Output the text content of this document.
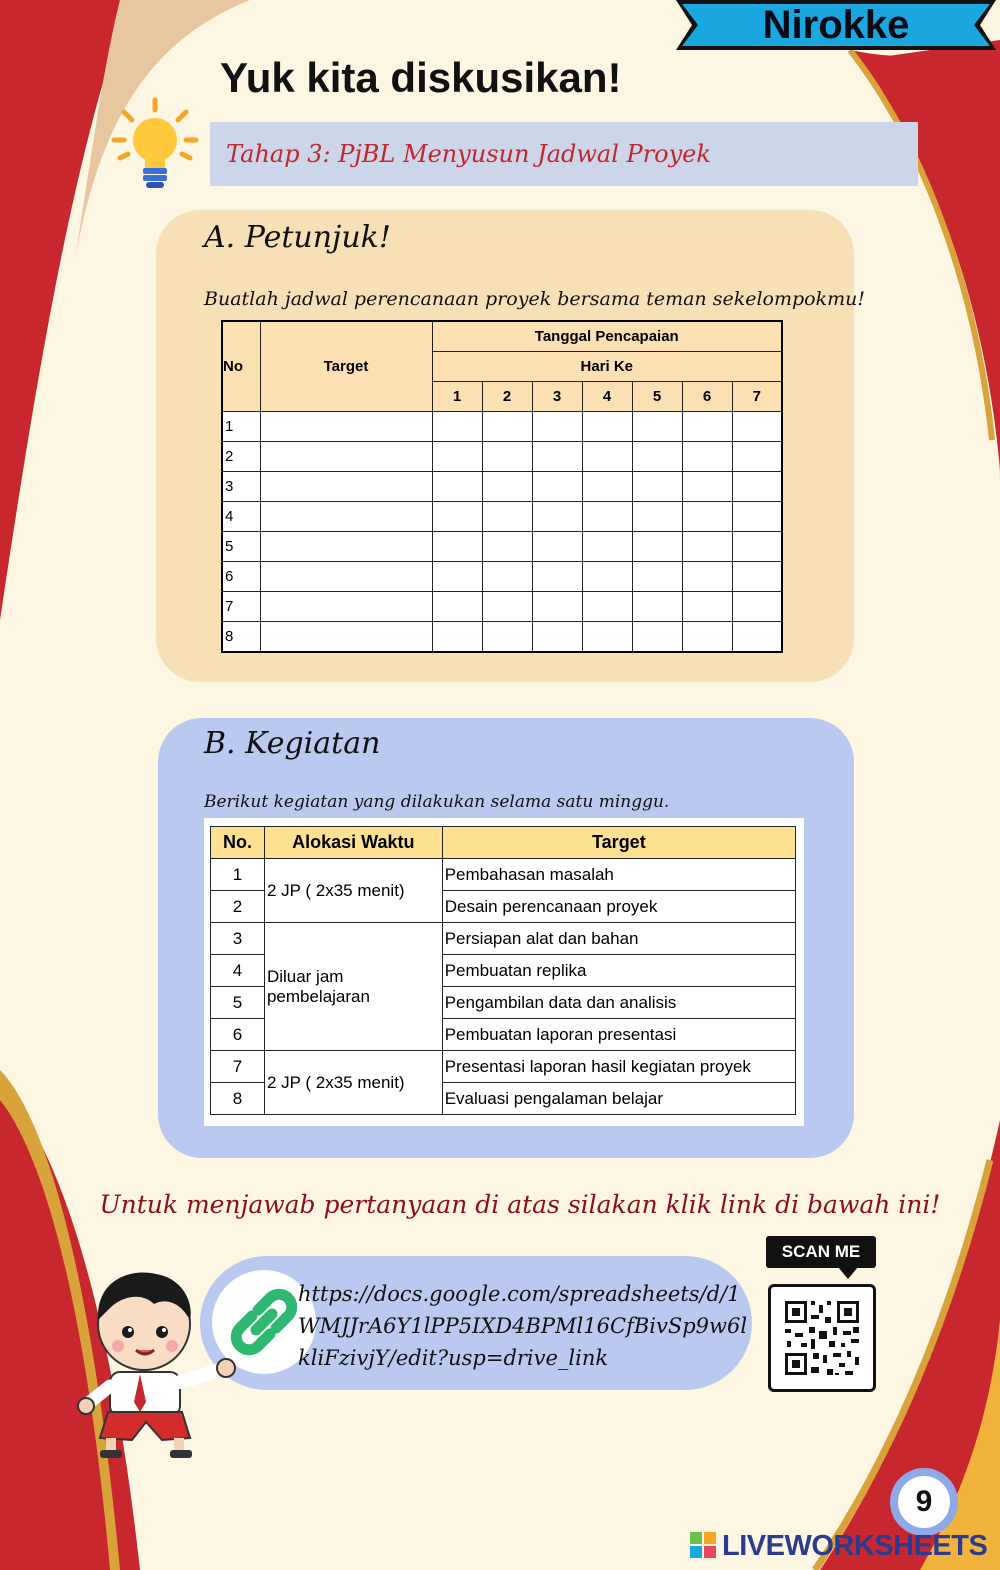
Nirokke
Yuk kita diskusikan!
Tahap 3: PjBL Menyusun Jadwal Proyek
A. Petunjuk!
Buatlah jadwal perencanaan proyek bersama teman sekelompokmu!
No	Target	Tanggal Pencapaian						
		Hari Ke						
		1	2	3	4	5	6	7
1								
2								
3								
4								
5								
6								
7								
8								
B. Kegiatan
Berikut kegiatan yang dilakukan selama satu minggu.
No.	Alokasi Waktu	Target
1	2 JP ( 2x35 menit)	Pembahasan masalah
2		Desain perencanaan proyek
3	Diluar jam pembelajaran	Persiapan alat dan bahan
4		Pembuatan replika
5		Pengambilan data dan analisis
6		Pembuatan laporan presentasi
7	2 JP ( 2x35 menit)	Presentasi laporan hasil kegiatan proyek
8		Evaluasi pengalaman belajar
Untuk menjawab pertanyaan di atas silakan klik link di bawah ini!
https://docs.google.com/spreadsheets/d/1WMJJrA6Y1lPP5IXD4BPMl16CfBivSp9w6lkliFzivjY/edit?usp=drive_link
SCAN ME
9
LIVEWORKSHEETS
